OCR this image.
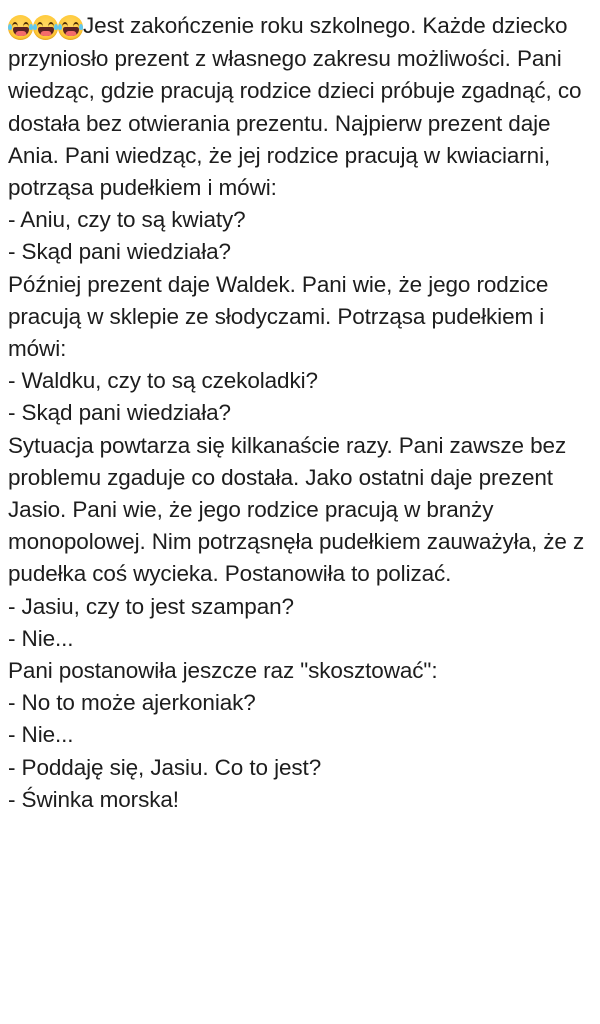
Jest zakończenie roku szkolnego. Każde dziecko przyniosło prezent z własnego zakresu możliwości. Pani wiedząc, gdzie pracują rodzice dzieci próbuje zgadnąć, co dostała bez otwierania prezentu. Najpierw prezent daje Ania. Pani wiedząc, że jej rodzice pracują w kwiaciarni, potrząsa pudełkiem i mówi:
- Aniu, czy to są kwiaty?
- Skąd pani wiedziała?
Później prezent daje Waldek. Pani wie, że jego rodzice pracują w sklepie ze słodyczami. Potrząsa pudełkiem i mówi:
- Waldku, czy to są czekoladki?
- Skąd pani wiedziała?
Sytuacja powtarza się kilkanaście razy. Pani zawsze bez problemu zgaduje co dostała. Jako ostatni daje prezent Jasio. Pani wie, że jego rodzice pracują w branży monopolowej. Nim potrząsnęła pudełkiem zauważyła, że z pudełka coś wycieka. Postanowiła to polizać.
- Jasiu, czy to jest szampan?
- Nie...
Pani postanowiła jeszcze raz "skosztować":
- No to może ajerkoniak?
- Nie...
- Poddaję się, Jasiu. Co to jest?
- Świnka morska!
